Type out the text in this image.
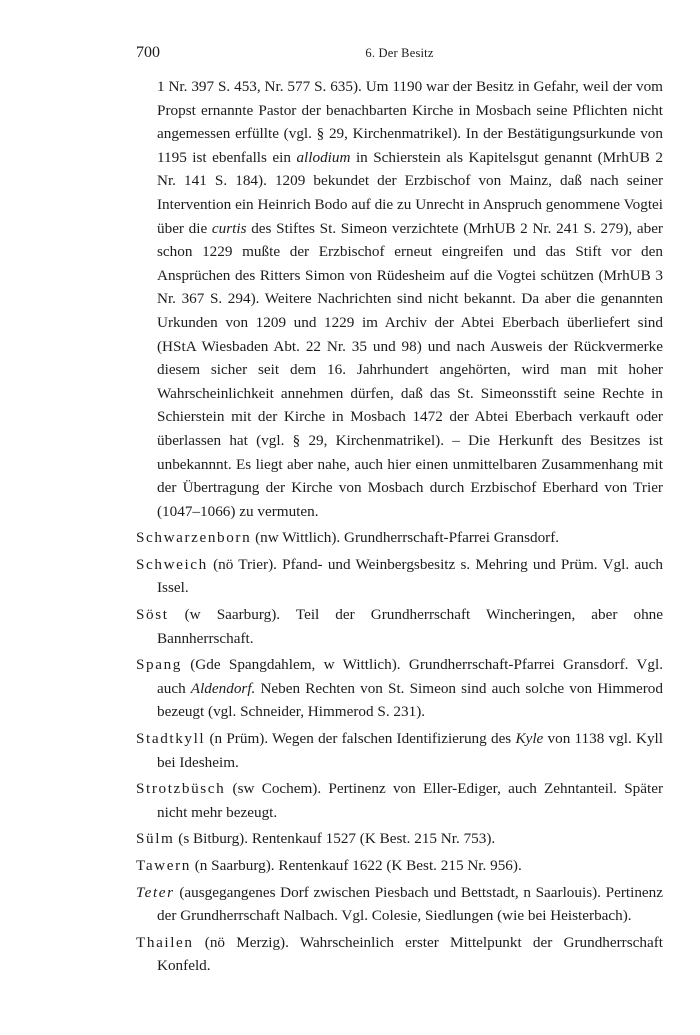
700	6. Der Besitz

1 Nr. 397 S. 453, Nr. 577 S. 635). Um 1190 war der Besitz in Gefahr, weil der vom Propst ernannte Pastor der benachbarten Kirche in Mosbach seine Pflichten nicht angemessen erfüllte (vgl. § 29, Kirchenmatrikel). In der Bestätigungsurkunde von 1195 ist ebenfalls ein allodium in Schierstein als Kapitelsgut genannt (MrhUB 2 Nr. 141 S. 184). 1209 bekundet der Erzbischof von Mainz, daß nach seiner Intervention ein Heinrich Bodo auf die zu Unrecht in Anspruch genommene Vogtei über die curtis des Stiftes St. Simeon verzichtete (MrhUB 2 Nr. 241 S. 279), aber schon 1229 mußte der Erzbischof erneut eingreifen und das Stift vor den Ansprüchen des Ritters Simon von Rüdesheim auf die Vogtei schützen (MrhUB 3 Nr. 367 S. 294). Weitere Nachrichten sind nicht bekannt. Da aber die genannten Urkunden von 1209 und 1229 im Archiv der Abtei Eberbach überliefert sind (HStA Wiesbaden Abt. 22 Nr. 35 und 98) und nach Ausweis der Rückvermerke diesem sicher seit dem 16. Jahrhundert angehörten, wird man mit hoher Wahrscheinlichkeit annehmen dürfen, daß das St. Simeonsstift seine Rechte in Schierstein mit der Kirche in Mosbach 1472 der Abtei Eberbach verkauft oder überlassen hat (vgl. § 29, Kirchenmatrikel). – Die Herkunft des Besitzes ist unbekannnt. Es liegt aber nahe, auch hier einen unmittelbaren Zusammenhang mit der Übertragung der Kirche von Mosbach durch Erzbischof Eberhard von Trier (1047–1066) zu vermuten.

Schwarzenborn (nw Wittlich). Grundherrschaft-Pfarrei Gransdorf.

Schweich (nö Trier). Pfand- und Weinbergsbesitz s. Mehring und Prüm. Vgl. auch Issel.

Söst (w Saarburg). Teil der Grundherrschaft Wincheringen, aber ohne Bannherrschaft.

Spang (Gde Spangdahlem, w Wittlich). Grundherrschaft-Pfarrei Gransdorf. Vgl. auch Aldendorf. Neben Rechten von St. Simeon sind auch solche von Himmerod bezeugt (vgl. Schneider, Himmerod S. 231).

Stadtkyll (n Prüm). Wegen der falschen Identifizierung des Kyle von 1138 vgl. Kyll bei Idesheim.

Strotzbüsch (sw Cochem). Pertinenz von Eller-Ediger, auch Zehntanteil. Später nicht mehr bezeugt.

Sülm (s Bitburg). Rentenkauf 1527 (K Best. 215 Nr. 753).

Tawern (n Saarburg). Rentenkauf 1622 (K Best. 215 Nr. 956).

Teter (ausgegangenes Dorf zwischen Piesbach und Bettstadt, n Saarlouis). Pertinenz der Grundherrschaft Nalbach. Vgl. Colesie, Siedlungen (wie bei Heisterbach).

Thailen (nö Merzig). Wahrscheinlich erster Mittelpunkt der Grundherrschaft Konfeld.
